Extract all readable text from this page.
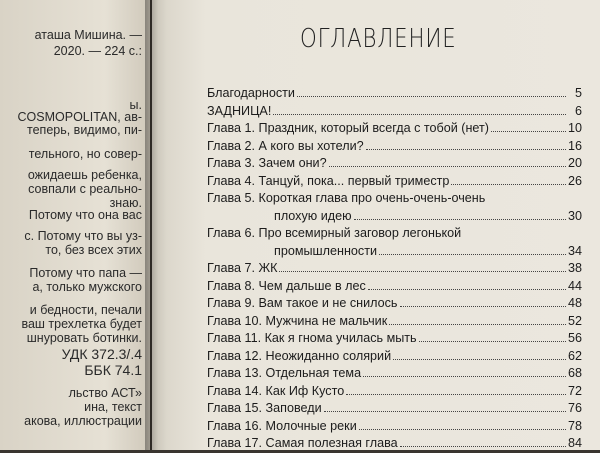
аташа Мишина. —
2020. — 224 с.:
ы.
COSMOPOLITAN, ав-
теперь, видимо, пи-
тельного, но совер-
ожидаешь ребенка,
совпали с реально-
знаю.
Потому что она вас
с. Потому что вы уз-
то, без всех этих
Потому что папа —
а, только мужского
и бедности, печали
ваш трехлетка будет
шнуровать ботинки.
УДК 372.3/.4
ББК 74.1
льство АСТ»
ина, текст
акова, иллюстрации
ОГЛАВЛЕНИЕ
Благодарности	5
ЗАДНИЦА!	6
Глава 1. Праздник, который всегда с тобой (нет)	10
Глава 2. А кого вы хотели?	16
Глава 3. Зачем они?	20
Глава 4. Танцуй, пока... первый триместр	26
Глава 5. Короткая глава про очень-очень-очень
плохую идею	30
Глава 6. Про всемирный заговор легонькой
промышленности	34
Глава 7. ЖК	38
Глава 8. Чем дальше в лес	44
Глава 9. Вам такое и не снилось	48
Глава 10. Мужчина не мальчик	52
Глава 11. Как я гнома училась мыть	56
Глава 12. Неожиданно солярий	62
Глава 13. Отдельная тема	68
Глава 14. Как Иф Кусто	72
Глава 15. Заповеди	76
Глава 16. Молочные реки	78
Глава 17. Самая полезная глава	84
